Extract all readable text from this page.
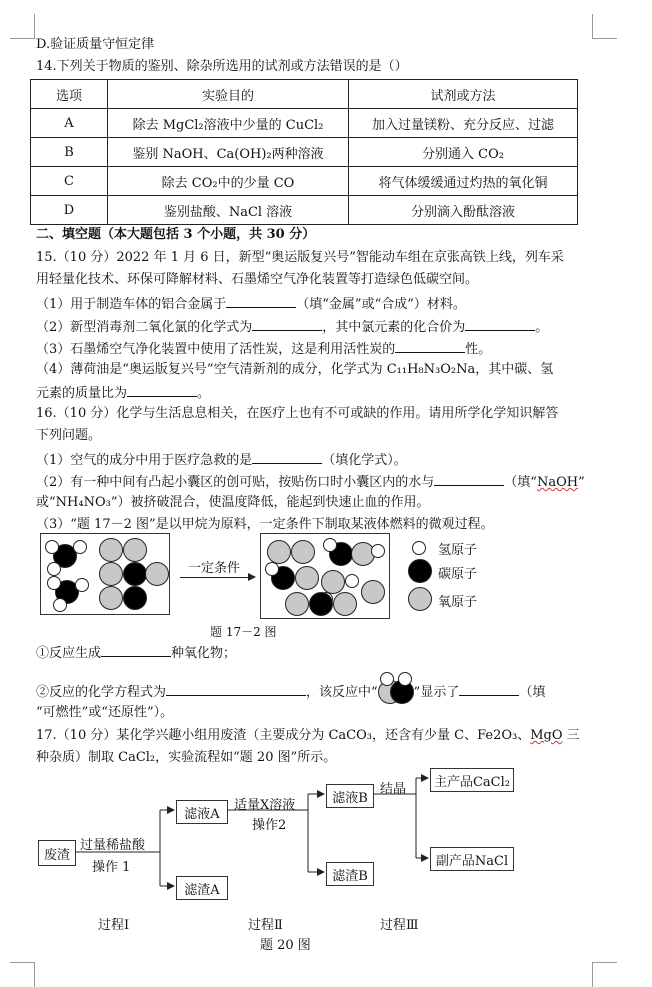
D.验证质量守恒定律
14.下列关于物质的鉴别、除杂所选用的试剂或方法错误的是（）
选项	实验目的	试剂或方法
A	除去 MgCl₂溶液中少量的 CuCl₂	加入过量镁粉、充分反应、过滤
B	鉴别 NaOH、Ca(OH)₂两种溶液	分别通入 CO₂
C	除去 CO₂中的少量 CO	将气体缓缓通过灼热的氧化铜
D	鉴别盐酸、NaCl 溶液	分别滴入酚酞溶液
二、填空题（本大题包括 3 个小题，共 30 分）
15.（10 分）2022 年 1 月 6 日，新型“奥运版复兴号”智能动车组在京张高铁上线，列车采
用轻量化技术、环保可降解材料、石墨烯空气净化装置等打造绿色低碳空间。
（1）用于制造车体的铝合金属于	（填“金属”或“合成”）材料。
（2）新型消毒剂二氧化氯的化学式为	，其中氯元素的化合价为	。
（3）石墨烯空气净化装置中使用了活性炭，这是利用活性炭的	性。
（4）薄荷油是“奥运版复兴号”空气清新剂的成分，化学式为 C₁₁H₈N₃O₂Na，其中碳、氢
元素的质量比为	。
16.（10 分）化学与生活息息相关，在医疗上也有不可或缺的作用。请用所学化学知识解答
下列问题。
（1）空气的成分中用于医疗急救的是	（填化学式）。
（2）有一种中间有凸起小囊区的创可贴，按贴伤口时小囊区内的水与	（填“NaOH”
或“NH₄NO₃”）被挤破混合，使温度降低，能起到快速止血的作用。
（3）“题 17－2 图”是以甲烷为原料，一定条件下制取某液体燃料的微观过程。
一定条件
氢原子
碳原子
氧原子
题 17－2 图
①反应生成	种氧化物；
②反应的化学方程式为	，该反应中“	”显示了	（填
“可燃性”或“还原性”）。
17.（10 分）某化学兴趣小组用废渣（主要成分为 CaCO₃，还含有少量 C、Fe2O₃、MgO 三
种杂质）制取 CaCl₂，实验流程如“题 20 图”所示。
废渣
过量稀盐酸
操作 1
滤液A
滤渣A
适量X溶液
操作2
滤液B
滤渣B
结晶	主产品CaCl₂
副产品NaCl
过程Ⅰ	过程Ⅱ	过程Ⅲ
题 20 图
